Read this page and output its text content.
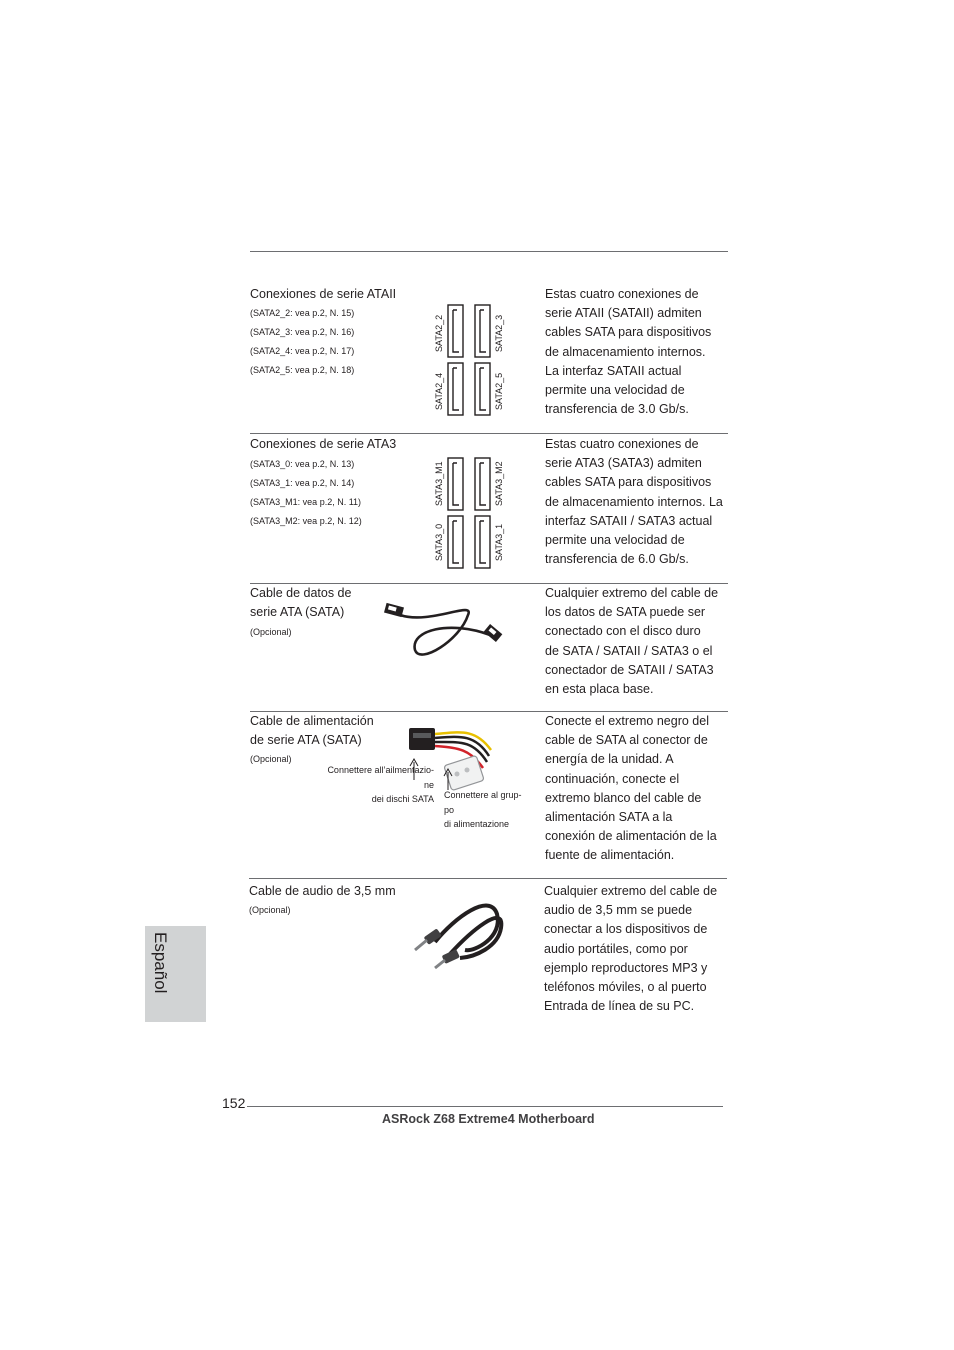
Conexiones de serie ATAII
(SATA2_2: vea p.2, N. 15)
(SATA2_3: vea p.2, N. 16)
(SATA2_4: vea p.2, N. 17)
(SATA2_5: vea p.2, N. 18)
SATA2_2	SATA2_3
SATA2_4	SATA2_5
Estas cuatro conexiones de
serie ATAII (SATAII) admiten
cables SATA para dispositivos
de almacenamiento internos.
La interfaz SATAII actual
permite una velocidad de
transferencia de 3.0 Gb/s.
Conexiones de serie ATA3
(SATA3_0: vea p.2, N. 13)
(SATA3_1: vea p.2, N. 14)
(SATA3_M1: vea p.2, N. 11)
(SATA3_M2: vea p.2, N. 12)
SATA3_M1	SATA3_M2
SATA3_0	SATA3_1
Estas cuatro conexiones de
serie ATA3 (SATA3) admiten
cables SATA para dispositivos
de almacenamiento internos. La
interfaz SATAII / SATA3 actual
permite una velocidad de
transferencia de 6.0 Gb/s.
Cable de datos de
serie ATA (SATA)
(Opcional)
Cualquier extremo del cable de
los datos de SATA puede ser
conectado con el disco duro
de SATA / SATAII / SATA3 o el
conectador de SATAII / SATA3
en esta placa base.
Cable de alimentación
de serie ATA (SATA)
(Opcional)
Connettere all’ailmentazio-
ne
dei dischi SATA Connettere al grup-
po
di alimentazione
Conecte el extremo negro del
cable de SATA al conector de
energía de la unidad. A
continuación, conecte el
extremo blanco del cable de
alimentación SATA a la
conexión de alimentación de la
fuente de alimentación.
Cable de audio de 3,5 mm
(Opcional)
Cualquier extremo del cable de
audio de 3,5 mm se puede
conectar a los dispositivos de
audio portátiles, como por
ejemplo reproductores MP3 y
teléfonos móviles, o al puerto
Entrada de línea de su PC.
Español
152
ASRock Z68 Extreme4 Motherboard
